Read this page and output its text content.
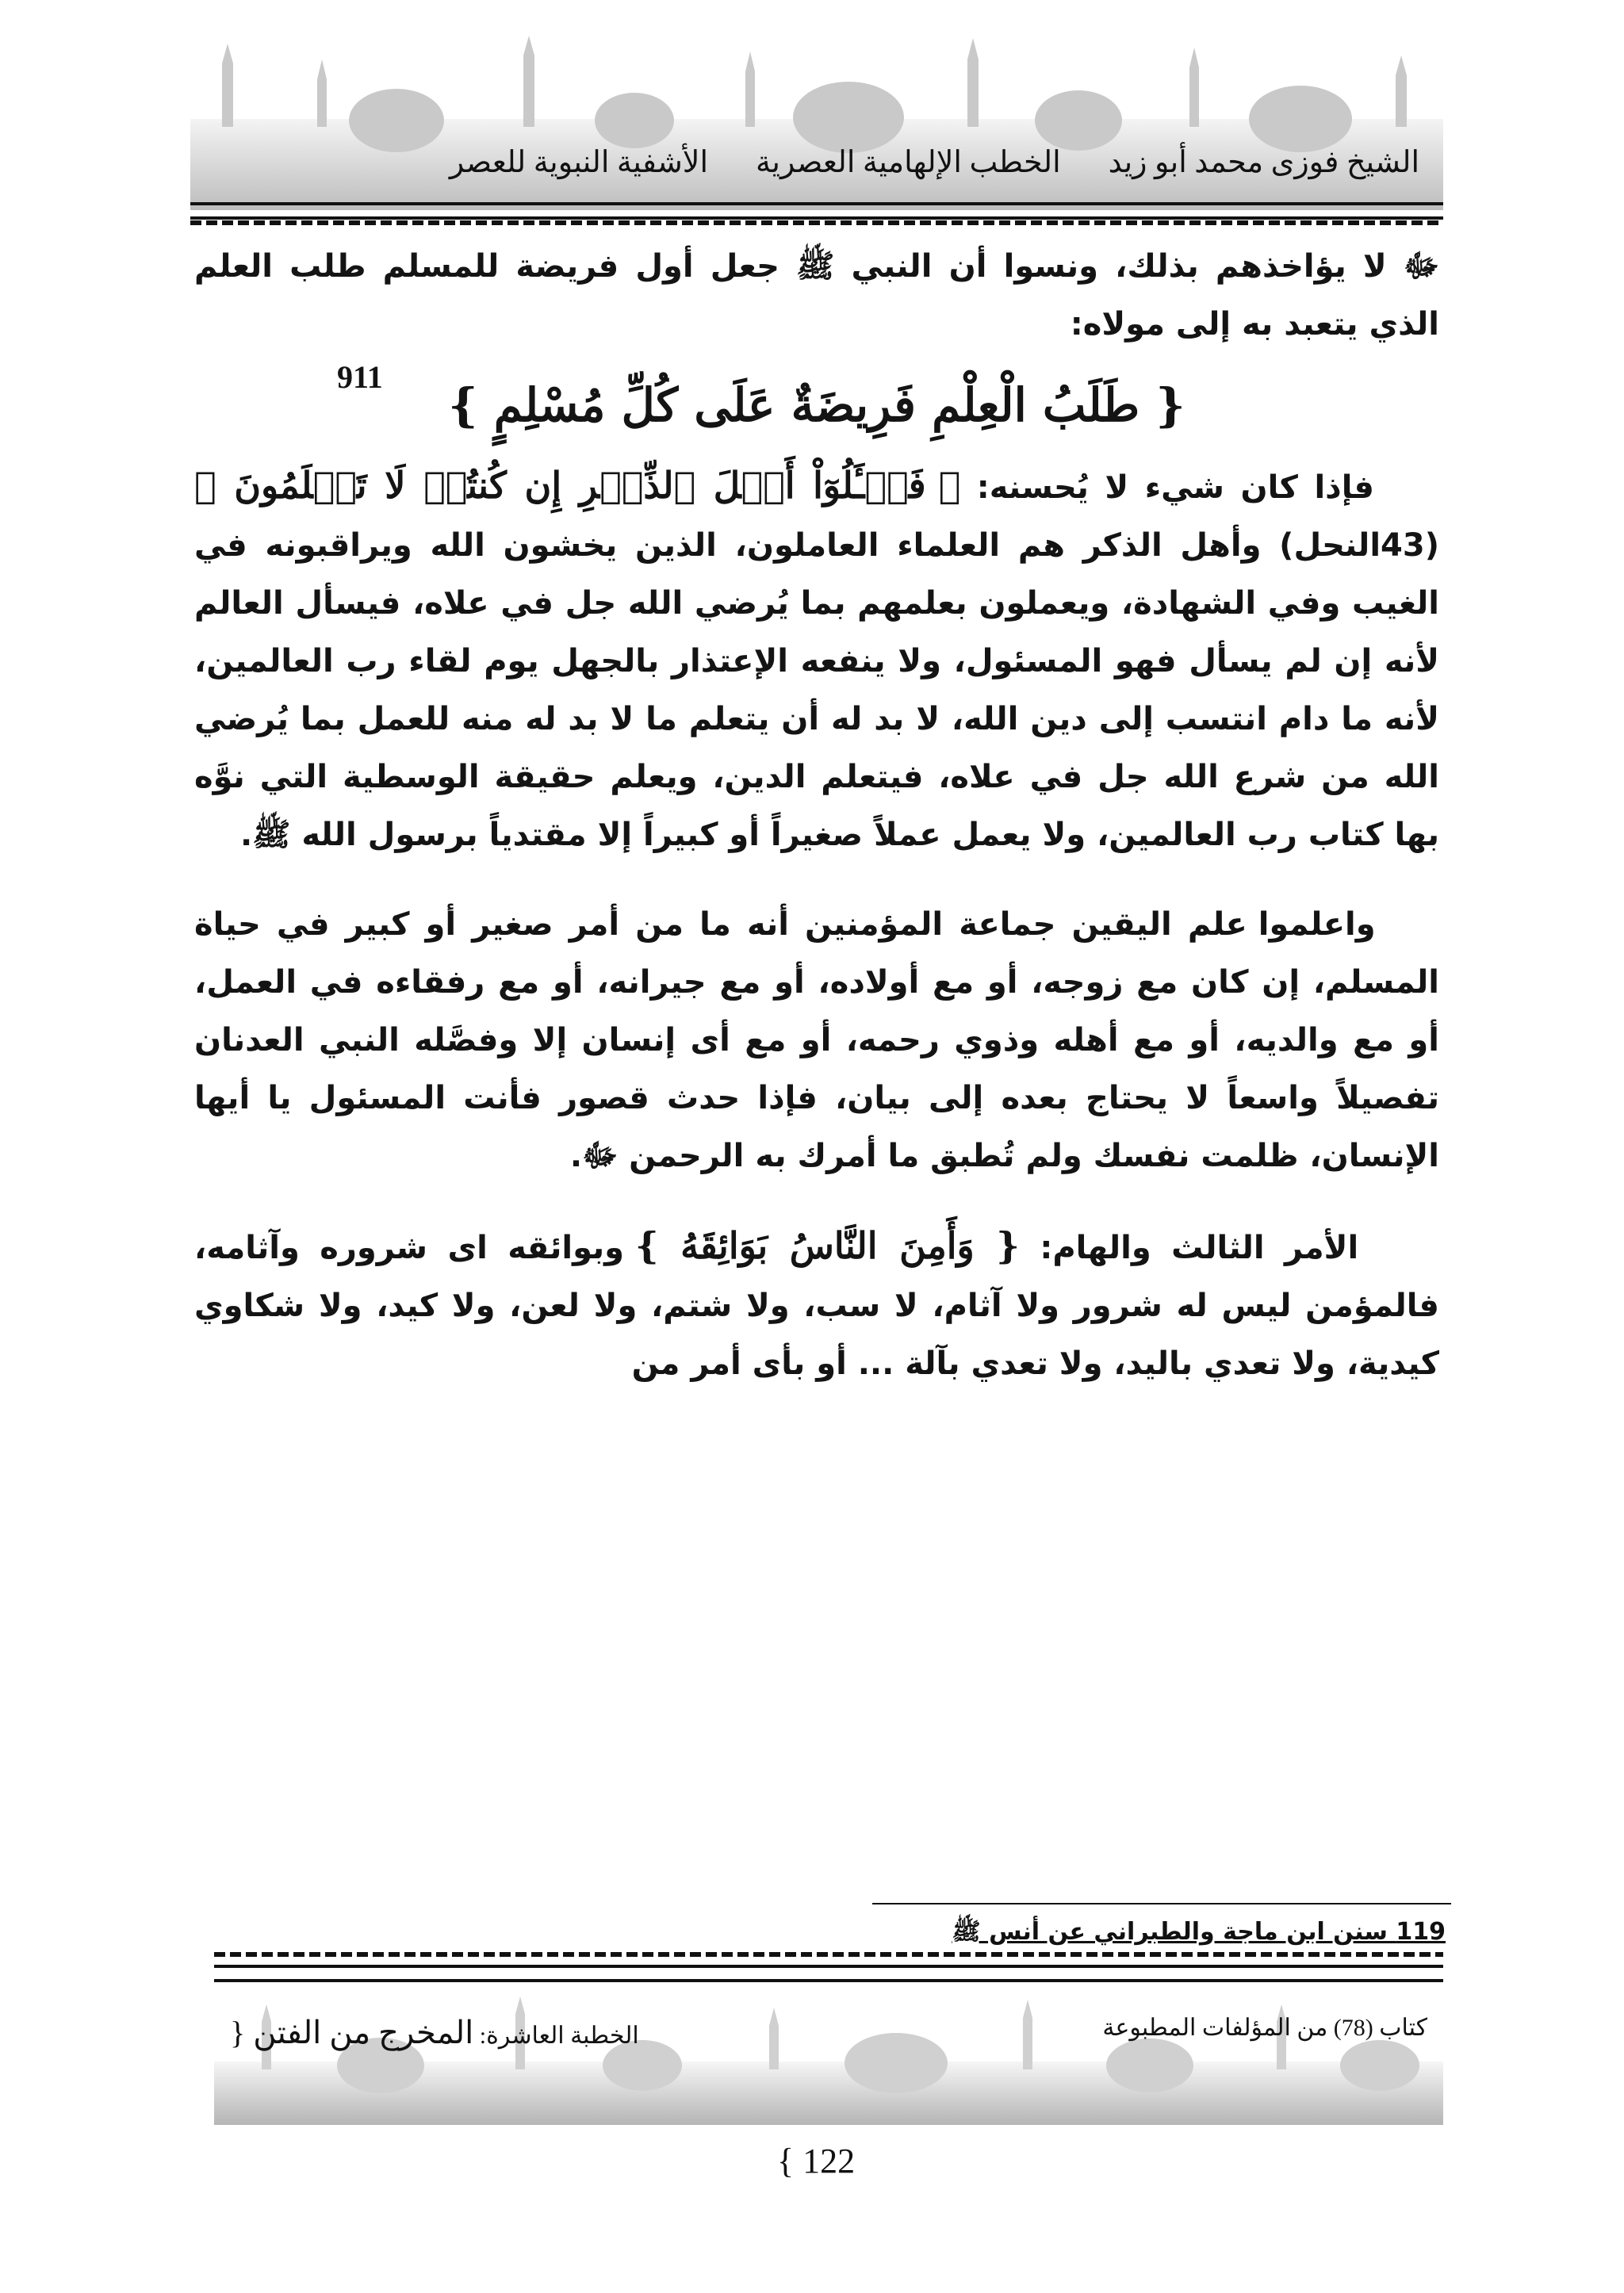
الشيخ فوزى محمد أبو زيد
الخطب الإلهامية العصرية
الأشفية النبوية للعصر

ﷻ لا يؤاخذهم بذلك، ونسوا أن النبي ﷺ جعل أول فريضة للمسلم طلب العلم الذي يتعبد به إلى مولاه:

{ طَلَبُ الْعِلْمِ فَرِيضَةٌ عَلَى كُلِّ مُسْلِمٍ }
911

فإذا كان شيء لا يُحسنه: ﴿ فَسۡـَٔلُوٓاْ أَهۡلَ ٱلذِّكۡرِ إِن كُنتُمۡ لَا تَعۡلَمُونَ ﴾ (43النحل) وأهل الذكر هم العلماء العاملون، الذين يخشون الله ويراقبونه في الغيب وفي الشهادة، ويعملون بعلمهم بما يُرضي الله جل في علاه، فيسأل العالم لأنه إن لم يسأل فهو المسئول، ولا ينفعه الإعتذار بالجهل يوم لقاء رب العالمين، لأنه ما دام انتسب إلى دين الله، لا بد له أن يتعلم ما لا بد له منه للعمل بما يُرضي الله من شرع الله جل في علاه، فيتعلم الدين، ويعلم حقيقة الوسطية التي نوَّه بها كتاب رب العالمين، ولا يعمل عملاً صغيراً أو كبيراً إلا مقتدياً برسول الله ﷺ.

واعلموا علم اليقين جماعة المؤمنين أنه ما من أمر صغير أو كبير في حياة المسلم، إن كان مع زوجه، أو مع أولاده، أو مع جيرانه، أو مع رفقاءه في العمل، أو مع والديه، أو مع أهله وذوي رحمه، أو مع أى إنسان إلا وفصَّله النبي العدنان تفصيلاً واسعاً لا يحتاج بعده إلى بيان، فإذا حدث قصور فأنت المسئول يا أيها الإنسان، ظلمت نفسك ولم تُطبق ما أمرك به الرحمن ﷻ.

الأمر الثالث والهام: { وَأَمِنَ النَّاسُ بَوَائِقَهُ } وبوائقه اى شروره وآثامه، فالمؤمن ليس له شرور ولا آثام، لا سب، ولا شتم، ولا لعن، ولا كيد، ولا شكاوي كيدية، ولا تعدي باليد، ولا تعدي بآلة ... أو بأى أمر من

119 سنن ابن ماجة والطبراني عن أنس ﷺ
كتاب (78) من المؤلفات المطبوعة
الخطبة العاشرة: المخرج من الفتن {
{ 122
